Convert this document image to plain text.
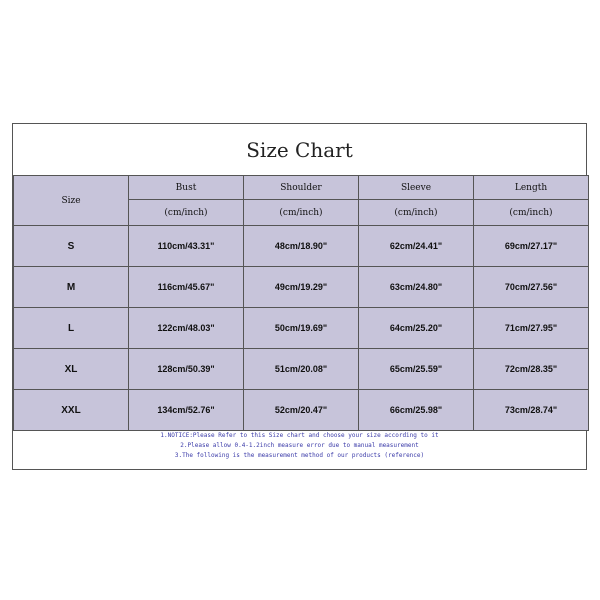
Size Chart
Size	Bust	Shoulder	Sleeve	Length
	(cm/inch)	(cm/inch)	(cm/inch)	(cm/inch)
S	110cm/43.31"	48cm/18.90"	62cm/24.41"	69cm/27.17"
M	116cm/45.67"	49cm/19.29"	63cm/24.80"	70cm/27.56"
L	122cm/48.03"	50cm/19.69"	64cm/25.20"	71cm/27.95"
XL	128cm/50.39"	51cm/20.08"	65cm/25.59"	72cm/28.35"
XXL	134cm/52.76"	52cm/20.47"	66cm/25.98"	73cm/28.74"
1.NOTICE:Please Refer to this Size chart and choose your size according to it
2.Please allow 0.4-1.2inch measure error due to manual measurement
3.The following is the measurement method of our products (reference)
